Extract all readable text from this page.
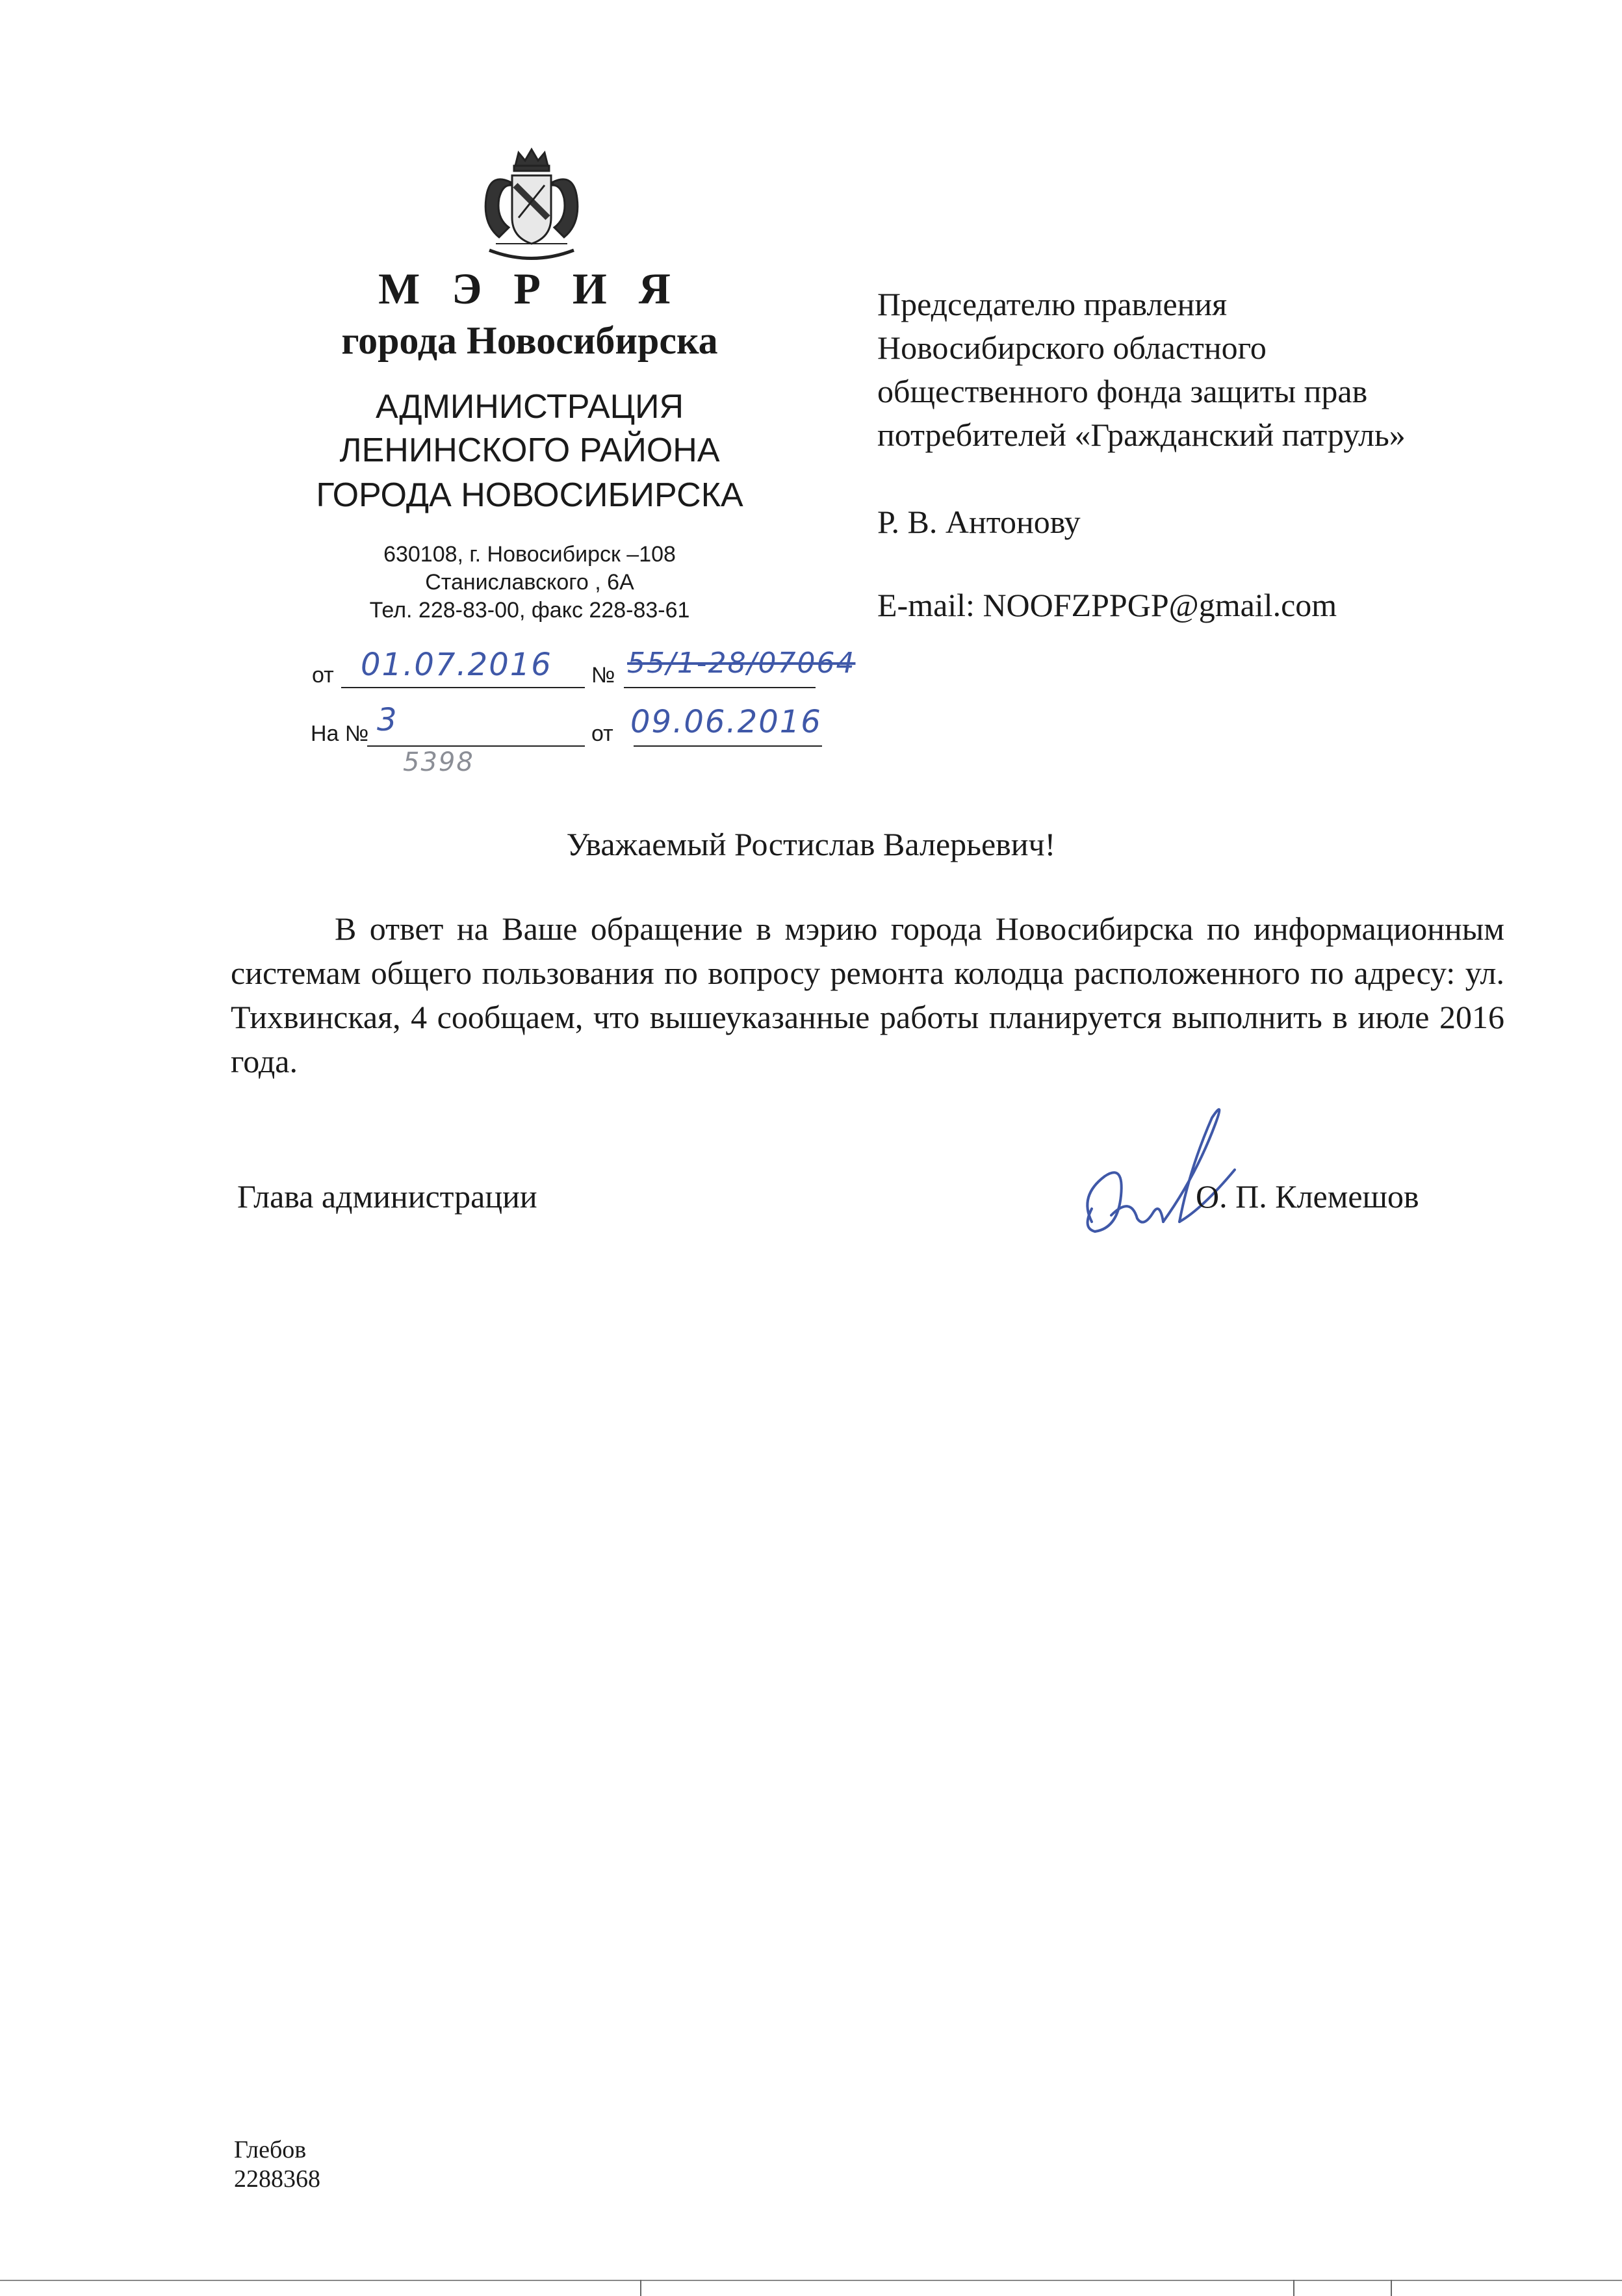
М Э Р И Я
города Новосибирска
АДМИНИСТРАЦИЯ
ЛЕНИНСКОГО РАЙОНА
ГОРОДА НОВОСИБИРСКА
630108, г. Новосибирск –108
Станиславского , 6А
Тел. 228-83-00, факс 228-83-61
от 01.07.2016 № 55/1-28/07064
На № 3	от 09.06.2016
5398
Председателю правления
Новосибирского областного
общественного фонда защиты прав
потребителей «Гражданский патруль»
Р. В. Антонову
E-mail: NOOFZPPGP@gmail.com
Уважаемый Ростислав Валерьевич!
В ответ на Ваше обращение в мэрию города Новосибирска по информационным системам общего пользования по вопросу ремонта колодца расположенного по адресу: ул. Тихвинская, 4 сообщаем, что вышеуказанные работы планируется выполнить в июле 2016 года.
Глава администрации	О. П. Клемешов
Глебов
2288368
